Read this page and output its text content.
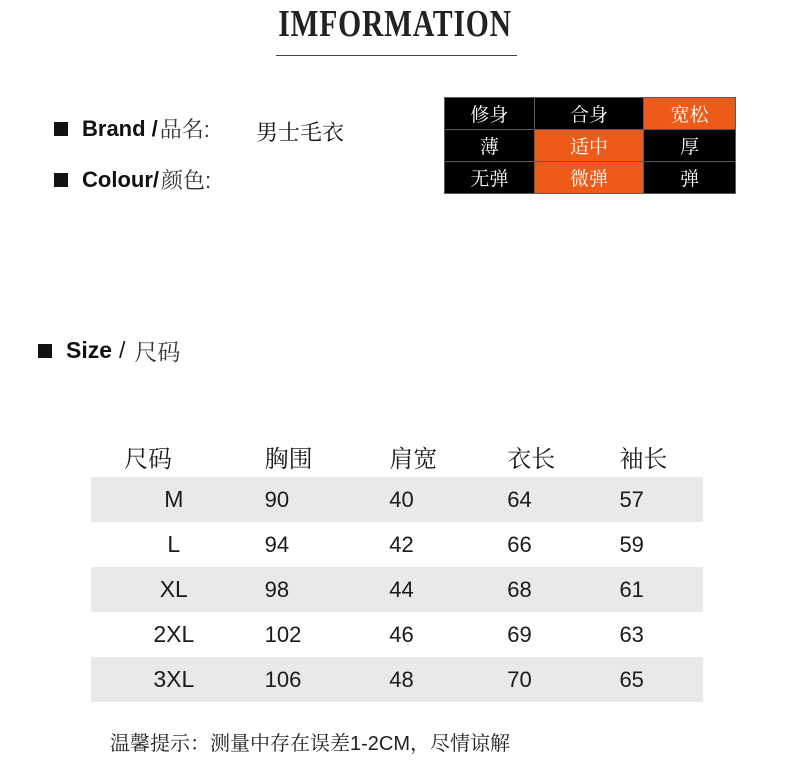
IMFORMATION
Brand / 品名: 男士毛衣
Colour/ 颜色:
修身	合身	宽松
薄	适中	厚
无弹	微弹	弹
Size / 尺码
尺码	胸围	肩宽	衣长	袖长
M	90	40	64	57
L	94	42	66	59
XL	98	44	68	61
2XL	102	46	69	63
3XL	106	48	70	65
温馨提示：测量中存在误差1-2CM，尽情谅解
